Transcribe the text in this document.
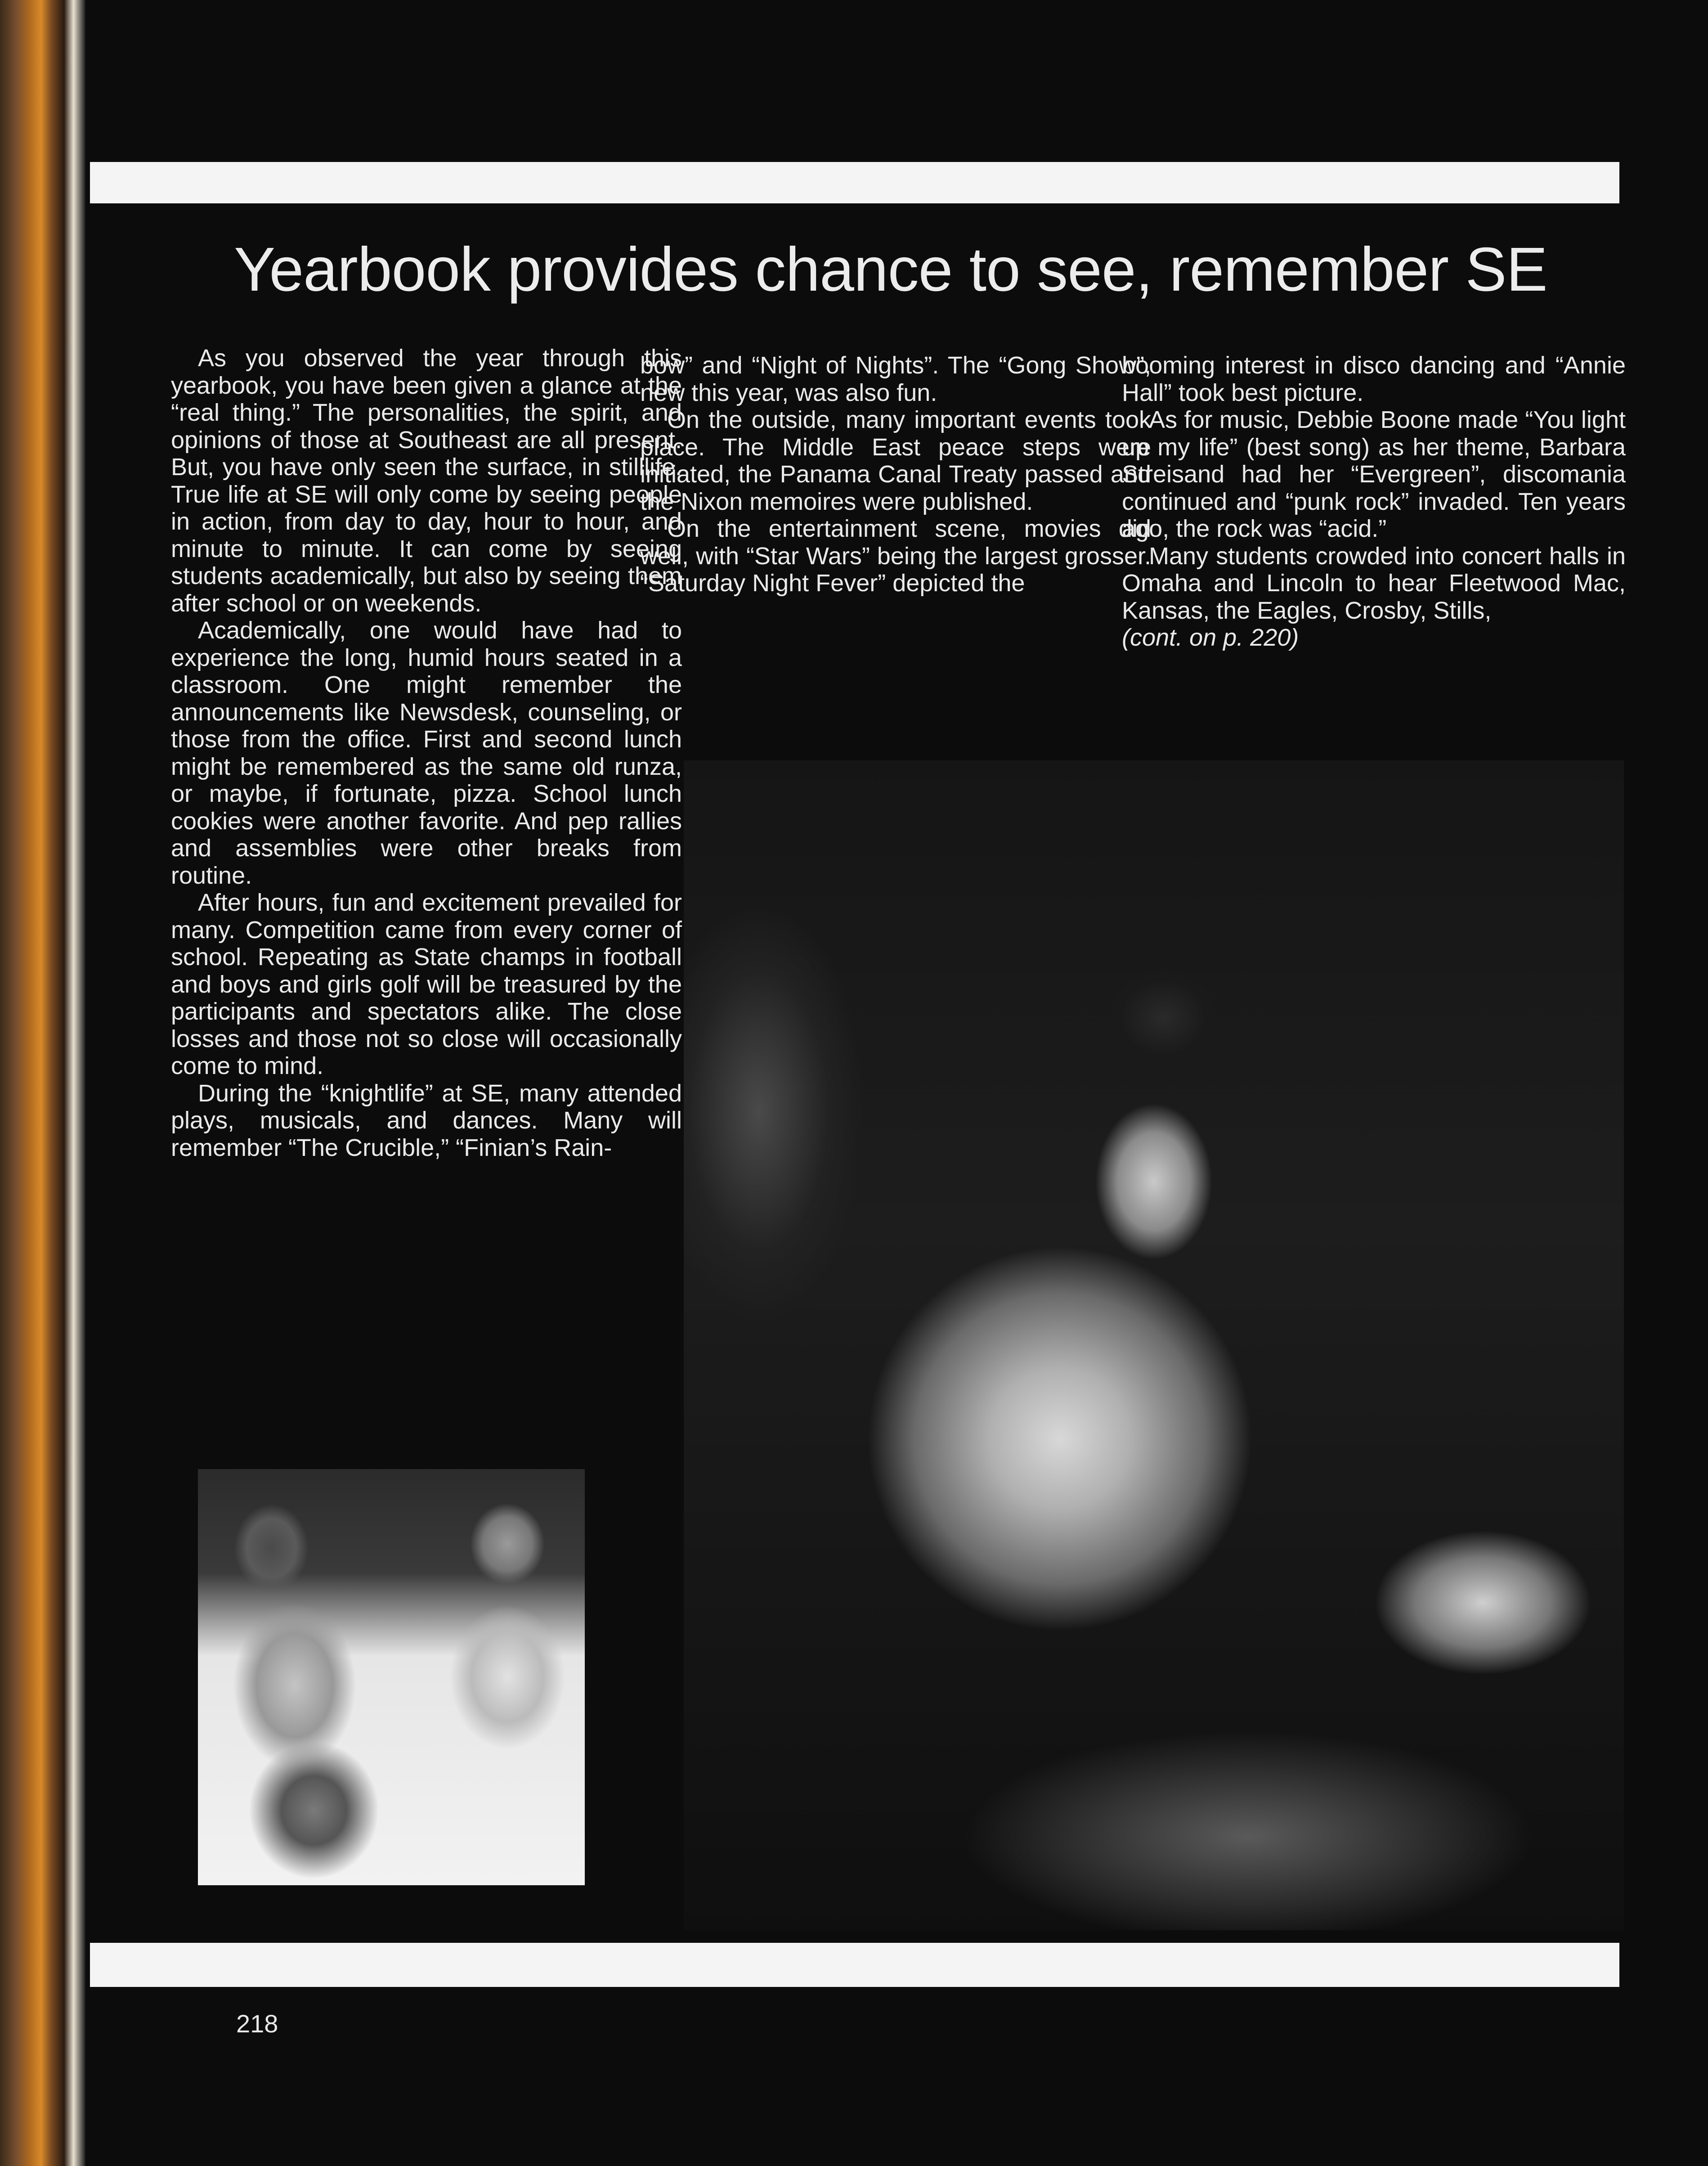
Yearbook provides chance to see, remember SE

As you observed the year through this yearbook, you have been given a glance at the “real thing.” The personalities, the spirit, and opinions of those at Southeast are all present. But, you have only seen the surface, in stilllife. True life at SE will only come by seeing people in action, from day to day, hour to hour, and minute to minute. It can come by seeing students academically, but also by seeing them after school or on weekends.

Academically, one would have had to experience the long, humid hours seated in a classroom. One might remember the announcements like Newsdesk, counseling, or those from the office. First and second lunch might be remembered as the same old runza, or maybe, if fortunate, pizza. School lunch cookies were another favorite. And pep rallies and assemblies were other breaks from routine.

After hours, fun and excitement prevailed for many. Competition came from every corner of school. Repeating as State champs in football and boys and girls golf will be treasured by the participants and spectators alike. The close losses and those not so close will occasionally come to mind.

During the “knightlife” at SE, many attended plays, musicals, and dances. Many will remember “The Crucible,” “Finian’s Rain-

bow” and “Night of Nights”. The “Gong Show”, new this year, was also fun.

On the outside, many important events took place. The Middle East peace steps were initiated, the Panama Canal Treaty passed and the Nixon memoires were published.

On the entertainment scene, movies did well, with “Star Wars” being the largest grosser. “Saturday Night Fever” depicted the

booming interest in disco dancing and “Annie Hall” took best picture.

As for music, Debbie Boone made “You light up my life” (best song) as her theme, Barbara Streisand had her “Evergreen”, discomania continued and “punk rock” invaded. Ten years ago, the rock was “acid.”

Many students crowded into concert halls in Omaha and Lincoln to hear Fleetwood Mac, Kansas, the Eagles, Crosby, Stills,

(cont. on p. 220)

218
